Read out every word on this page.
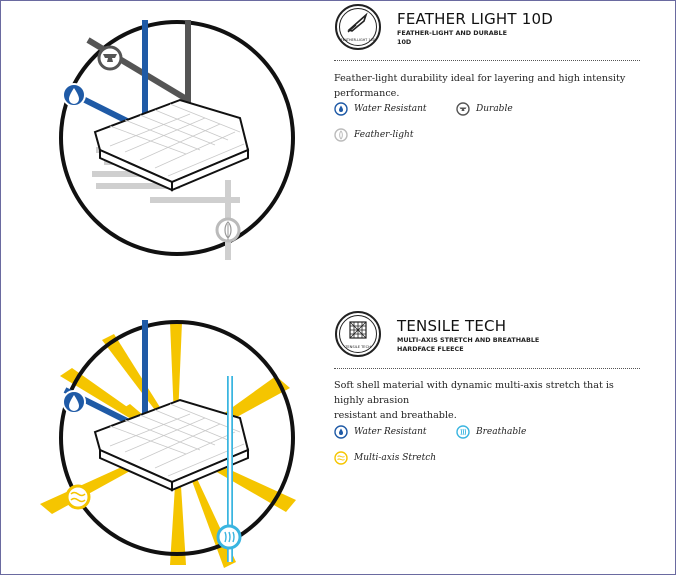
FEATHER-LIGHT 10D
FEATHER LIGHT 10D
FEATHER-LIGHT AND DURABLE
10D
Feather-light durability ideal for layering and high intensity performance.
Water Resistant	Durable
Feather-light
TENSILE TECH
TENSILE TECH
MULTI-AXIS STRETCH AND BREATHABLE
HARDFACE FLEECE
Soft shell material with dynamic multi-axis stretch that is highly abrasion
resistant and breathable.
Water Resistant	Breathable
Multi-axis Stretch
